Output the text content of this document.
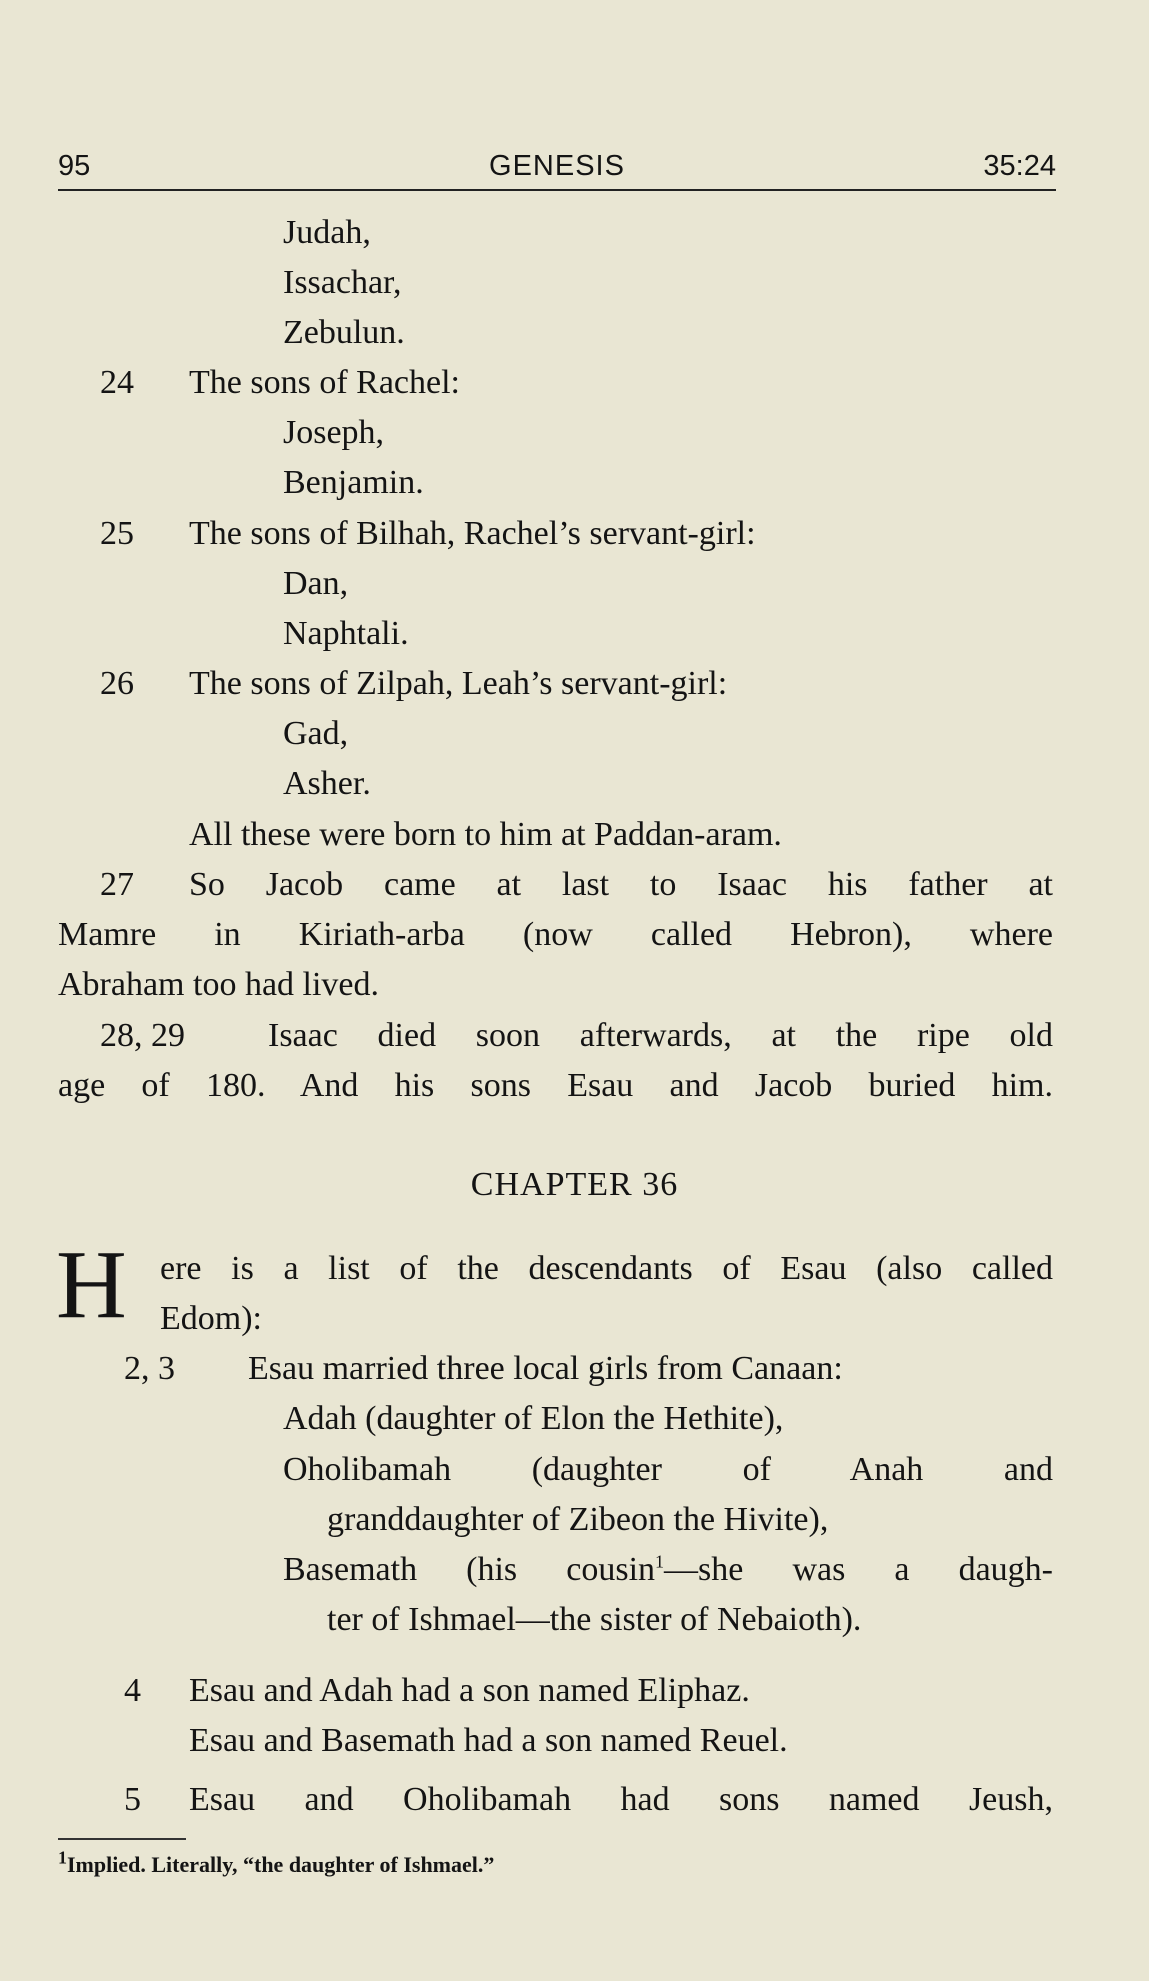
95	GENESIS	35:24
Judah,
Issachar,
Zebulun.
24 The sons of Rachel:
Joseph,
Benjamin.
25 The sons of Bilhah, Rachel’s servant-girl:
Dan,
Naphtali.
26 The sons of Zilpah, Leah’s servant-girl:
Gad,
Asher.
All these were born to him at Paddan-aram.
27 So Jacob came at last to Isaac his father at
Mamre in Kiriath-arba (now called Hebron), where
Abraham too had lived.
28, 29 Isaac died soon afterwards, at the ripe old
age of 180. And his sons Esau and Jacob buried him.
CHAPTER 36
H ere is a list of the descendants of Esau (also called
Edom):
2, 3 Esau married three local girls from Canaan:
Adah (daughter of Elon the Hethite),
Oholibamah (daughter of Anah and
granddaughter of Zibeon the Hivite),
Basemath (his cousin$^1$—she was a daugh-
ter of Ishmael—the sister of Nebaioth).
4 Esau and Adah had a son named Eliphaz.
Esau and Basemath had a son named Reuel.
5 Esau and Oholibamah had sons named Jeush,
$^1$Implied. Literally, “the daughter of Ishmael.”
